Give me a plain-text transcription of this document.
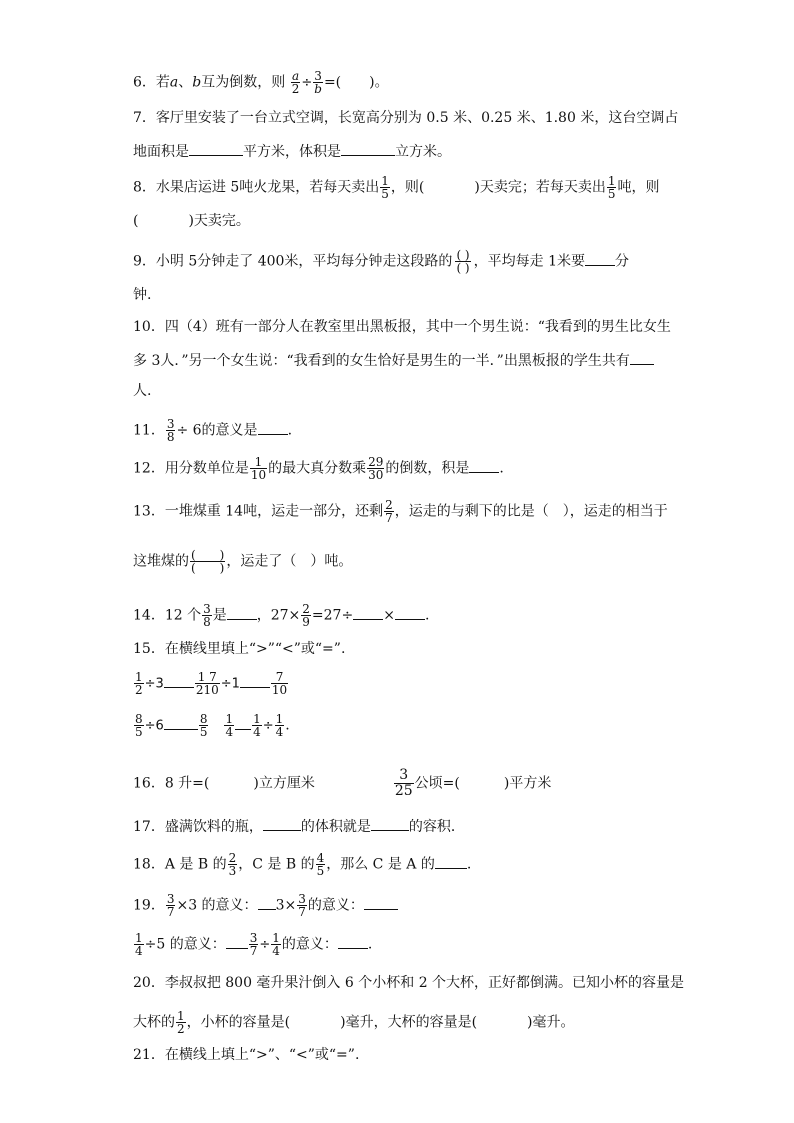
6．若a、b互为倒数，则 $\frac{a}{2} \div \frac{3}{b}$ =(　　)。
7．客厅里安装了一台立式空调，长宽高分别为 0.5 米、0.25 米、1.80 米，这台空调占
地面积是	平方米，体积是	立方米。
8．水果店运进 5吨火龙果，若每天卖出 $\frac{1}{5}$ ，则(	)天卖完；若每天卖出 $\frac{1}{5}$ 吨，则
(	)天卖完。
9．小明 5分钟走了 400米，平均每分钟走这段路的 $\frac{( )}{( )}$ ，平均每走 1米要 分
钟.
10．四（4）班有一部分人在教室里出黑板报，其中一个男生说：“我看到的男生比女生
多 3人．”另一个女生说：“我看到的女生恰好是男生的一半．”出黑板报的学生共有
人.
11． $\frac{3}{8} \div 6$的意义是 .
12．用分数单位是 $\frac{1}{10}$ 的最大真分数乘 $\frac{29}{30}$ 的倒数，积是 .
13．一堆煤重 14吨，运走一部分，还剩 $\frac{2}{7}$ ，运走的与剩下的比是（　），运走的相当于
这堆煤的 $\frac{( )}{( )}$ ，运走了（　）吨。
14．12 个 $\frac{3}{8}$ 是 ，$27\times \frac{2}{9} =27\div$ × .
15．在横线里填上“>”“<”或“=”.
$\frac{1}{2} \div 3$	$\frac{1 7}{210} \div 1$	$\frac{7}{10}$
$\frac{8}{5} \div 6$	$\frac{8}{5} \frac{1}{4} \frac{1}{4} \div \frac{1}{4}$ .
16．8 升=(	)立方厘米	$\frac{3}{25}$ 公顷=(	)平方米
17．盛满饮料的瓶，	的体积就是	的容积．
18．A 是 B 的 $\frac{2}{3}$ ，C 是 B 的 $\frac{4}{5}$ ，那么 C 是 A 的 .
19． $\frac{3}{7} \times 3$ 的意义： $3\times \frac{3}{7}$ 的意义：
$\frac{1}{4} \div 5$ 的意义： $\frac{3}{7} \div \frac{1}{4}$ 的意义： .
20．李叔叔把 800 毫升果汁倒入 6 个小杯和 2 个大杯，正好都倒满。已知小杯的容量是
大杯的 $\frac{1}{2}$ ，小杯的容量是(	)毫升，大杯的容量是(	)毫升。
21．在横线上填上“>”、“<”或“=”.
